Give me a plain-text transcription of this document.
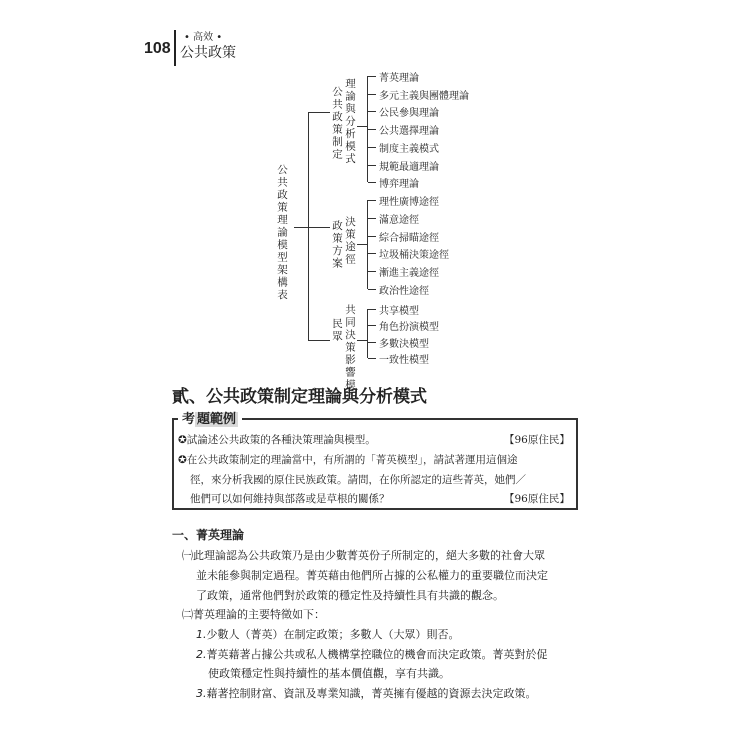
108
• 高效 •
公共政策
公共政策理論模型架構表
理論與分析模式
公共政策制定
菁英理論
多元主義與團體理論
公民參與理論
公共選擇理論
制度主義模式
規範最適理論
博弈理論
決策途徑
政策方案
理性廣博途徑
滿意途徑
綜合掃瞄途徑
垃圾桶決策途徑
漸進主義途徑
政治性途徑
共同決策影響模
民眾
共享模型
角色扮演模型
多數決模型
一致性模型
貳、公共政策制定理論與分析模式
考 題範例
✪試論述公共政策的各種決策理論與模型。	【96原住民】
✪在公共政策制定的理論當中，有所謂的「菁英模型」，請試著運用這個途
徑，來分析我國的原住民族政策。請問，在你所認定的這些菁英，她們／
他們可以如何維持與部落或是草根的關係？	【96原住民】
一、菁英理論
㈠此理論認為公共政策乃是由少數菁英份子所制定的，絕大多數的社會大眾
並未能參與制定過程。菁英藉由他們所占據的公私權力的重要職位而決定
了政策，通常他們對於政策的穩定性及持續性具有共識的觀念。
㈡菁英理論的主要特徵如下：
1.少數人（菁英）在制定政策；多數人（大眾）則否。
2.菁英藉著占據公共或私人機構掌控職位的機會而決定政策。菁英對於促
使政策穩定性與持續性的基本價值觀，享有共識。
3.藉著控制財富、資訊及專業知識，菁英擁有優越的資源去決定政策。
